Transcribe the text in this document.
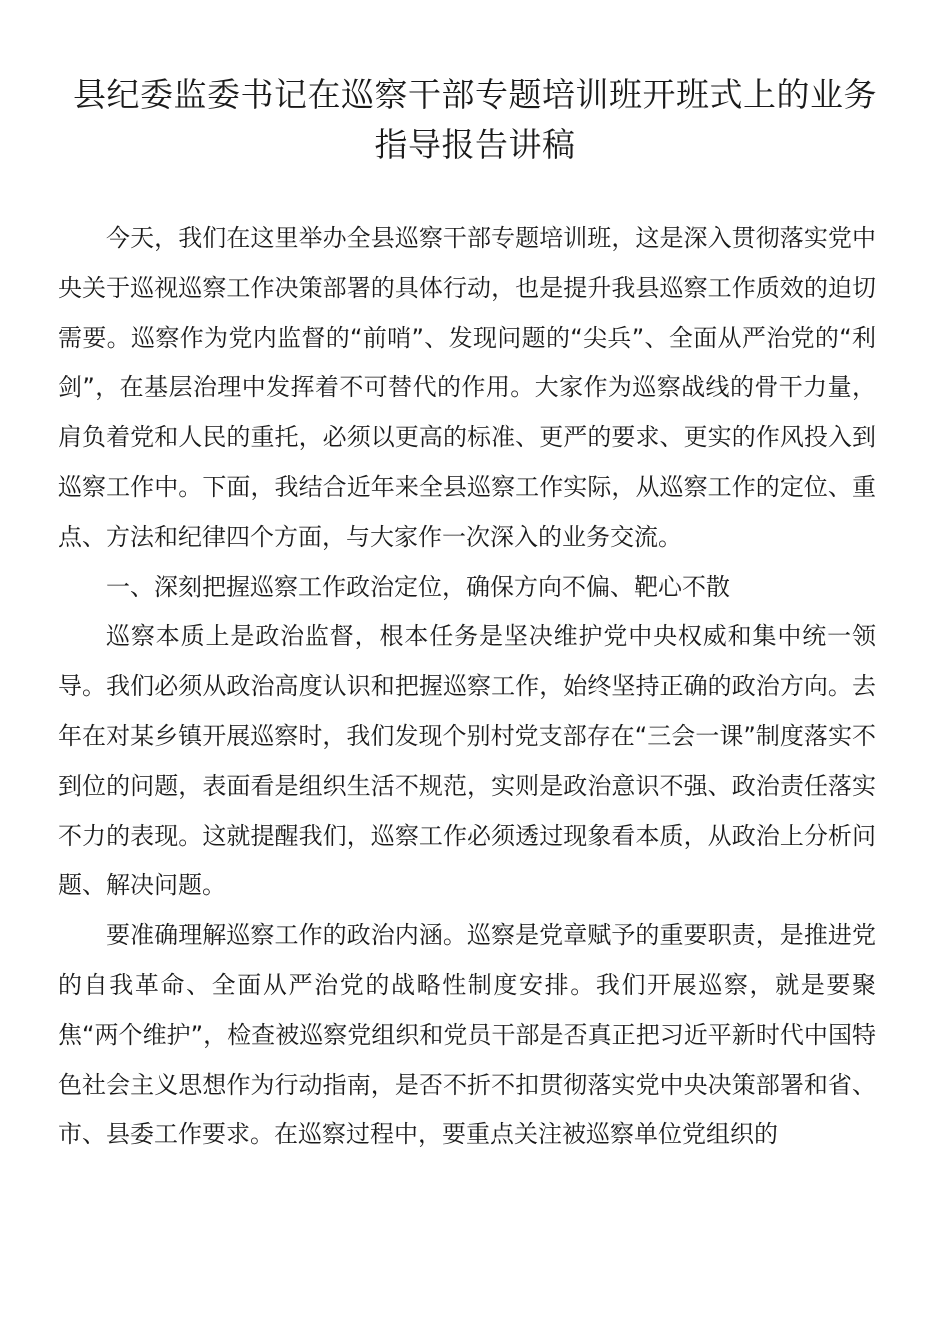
县纪委监委书记在巡察干部专题培训班开班式上的业务指导报告讲稿

今天，我们在这里举办全县巡察干部专题培训班，这是深入贯彻落实党中央关于巡视巡察工作决策部署的具体行动，也是提升我县巡察工作质效的迫切需要。巡察作为党内监督的“前哨”、发现问题的“尖兵”、全面从严治党的“利剑”，在基层治理中发挥着不可替代的作用。大家作为巡察战线的骨干力量，肩负着党和人民的重托，必须以更高的标准、更严的要求、更实的作风投入到巡察工作中。下面，我结合近年来全县巡察工作实际，从巡察工作的定位、重点、方法和纪律四个方面，与大家作一次深入的业务交流。

一、深刻把握巡察工作政治定位，确保方向不偏、靶心不散

巡察本质上是政治监督，根本任务是坚决维护党中央权威和集中统一领导。我们必须从政治高度认识和把握巡察工作，始终坚持正确的政治方向。去年在对某乡镇开展巡察时，我们发现个别村党支部存在“三会一课”制度落实不到位的问题，表面看是组织生活不规范，实则是政治意识不强、政治责任落实不力的表现。这就提醒我们，巡察工作必须透过现象看本质，从政治上分析问题、解决问题。

要准确理解巡察工作的政治内涵。巡察是党章赋予的重要职责，是推进党的自我革命、全面从严治党的战略性制度安排。我们开展巡察，就是要聚焦“两个维护”，检查被巡察党组织和党员干部是否真正把习近平新时代中国特色社会主义思想作为行动指南，是否不折不扣贯彻落实党中央决策部署和省、市、县委工作要求。在巡察过程中，要重点关注被巡察单位党组织的
